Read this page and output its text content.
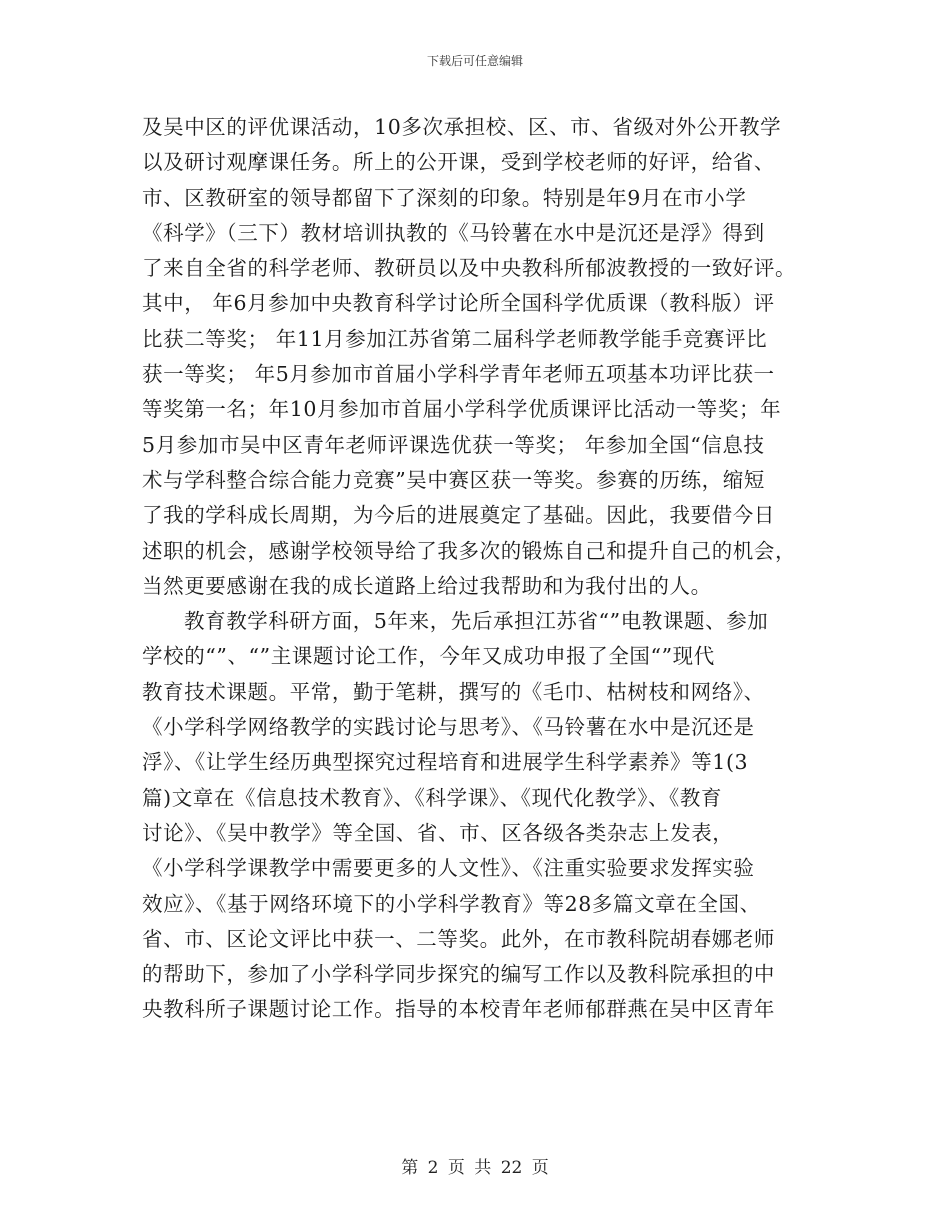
下载后可任意编辑
及吴中区的评优课活动，10多次承担校、区、市、省级对外公开教学
以及研讨观摩课任务。所上的公开课，受到学校老师的好评，给省、
市、区教研室的领导都留下了深刻的印象。特别是年9月在市小学
《科学》（三下）教材培训执教的《马铃薯在水中是沉还是浮》得到
了来自全省的科学老师、教研员以及中央教科所郁波教授的一致好评。
其中， 年6月参加中央教育科学讨论所全国科学优质课（教科版）评
比获二等奖； 年11月参加江苏省第二届科学老师教学能手竞赛评比
获一等奖； 年5月参加市首届小学科学青年老师五项基本功评比获一
等奖第一名；年10月参加市首届小学科学优质课评比活动一等奖；年
5月参加市吴中区青年老师评课选优获一等奖； 年参加全国“信息技
术与学科整合综合能力竞赛”吴中赛区获一等奖。参赛的历练，缩短
了我的学科成长周期，为今后的进展奠定了基础。因此，我要借今日
述职的机会，感谢学校领导给了我多次的锻炼自己和提升自己的机会，
当然更要感谢在我的成长道路上给过我帮助和为我付出的人。
教育教学科研方面，5年来，先后承担江苏省“”电教课题、参加
学校的“”、“”主课题讨论工作，今年又成功申报了全国“”现代
教育技术课题。平常，勤于笔耕，撰写的《毛巾、枯树枝和网络》、
《小学科学网络教学的实践讨论与思考》、《马铃薯在水中是沉还是
浮》、《让学生经历典型探究过程培育和进展学生科学素养》等1(3
篇)文章在《信息技术教育》、《科学课》、《现代化教学》、《教育
讨论》、《吴中教学》等全国、省、市、区各级各类杂志上发表，
《小学科学课教学中需要更多的人文性》、《注重实验要求发挥实验
效应》、《基于网络环境下的小学科学教育》等28多篇文章在全国、
省、市、区论文评比中获一、二等奖。此外，在市教科院胡春娜老师
的帮助下，参加了小学科学同步探究的编写工作以及教科院承担的中
央教科所子课题讨论工作。指导的本校青年老师郁群燕在吴中区青年
第 2 页 共 22 页
